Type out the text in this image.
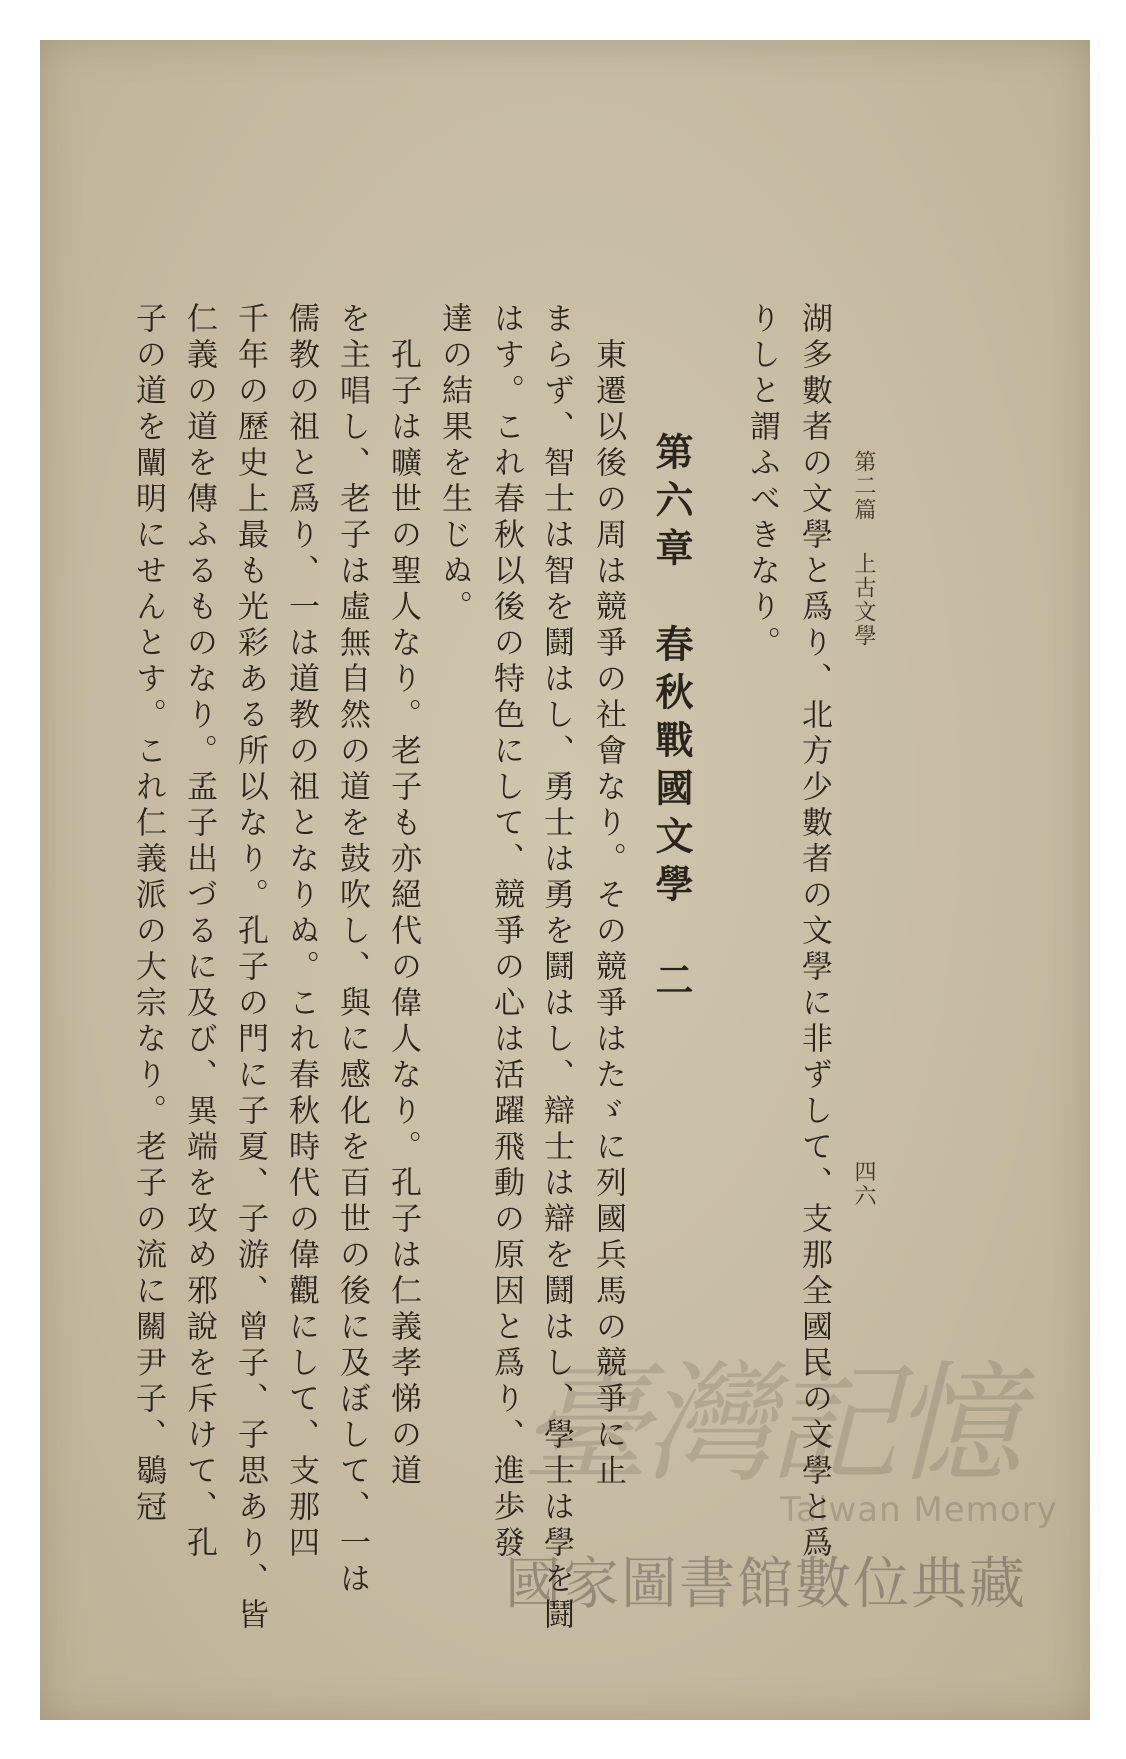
第二篇
上古文學
四六
湖多數者の文學と爲り、北方少數者の文學に非ずして、支那全國民の文學と爲
りしと謂ふべきなり。
第六章　春秋戰國文學　二
　東遷以後の周は競爭の社會なり。その競爭はたゞに列國兵馬の競爭に止
まらず、智士は智を鬪はし、勇士は勇を鬪はし、辯士は辯を鬪はし、學士は學を鬪
はす。これ春秋以後の特色にして、競爭の心は活躍飛動の原因と爲り、進歩發
達の結果を生じぬ。
　孔子は曠世の聖人なり。老子も亦絕代の偉人なり。孔子は仁義孝悌の道
を主唱し、老子は虛無自然の道を鼓吹し、與に感化を百世の後に及ぼして、一は
儒教の祖と爲り、一は道教の祖となりぬ。これ春秋時代の偉觀にして、支那四
千年の歷史上最も光彩ある所以なり。孔子の門に子夏、子游、曾子、子思あり、皆
仁義の道を傳ふるものなり。孟子出づるに及び、異端を攻め邪說を斥けて、孔
子の道を闡明にせんとす。これ仁義派の大宗なり。老子の流に關尹子、鶡冠	臺灣記憶
Taiwan Memory
國家圖書館數位典藏
